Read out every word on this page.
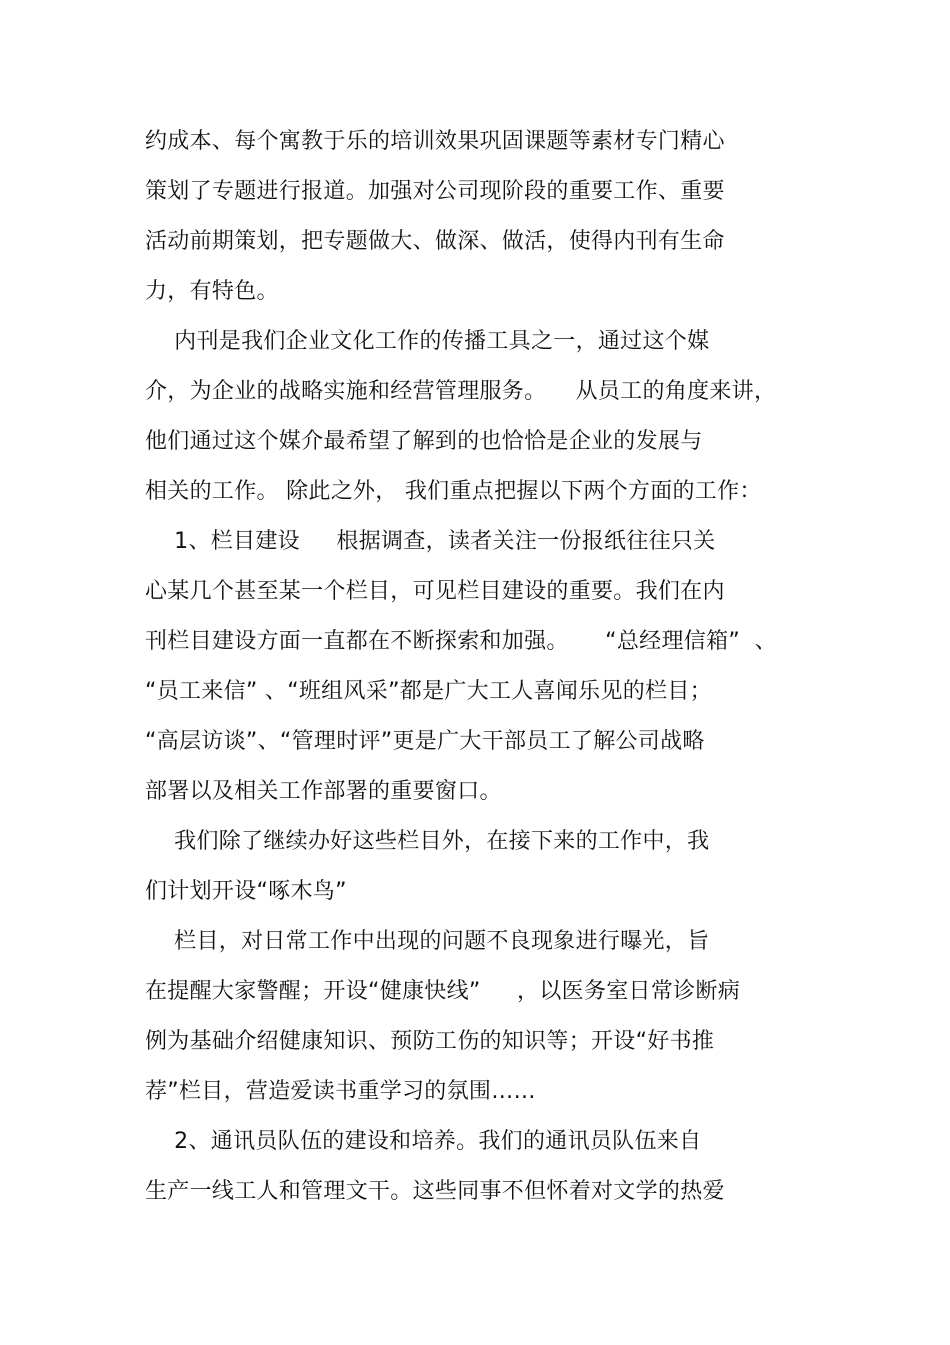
约成本、每个寓教于乐的培训效果巩固课题等素材专门精心
策划了专题进行报道。加强对公司现阶段的重要工作、重要
活动前期策划，把专题做大、做深、做活，使得内刊有生命
力，有特色。
内刊是我们企业文化工作的传播工具之一，通过这个媒
介，为企业的战略实施和经营管理服务。    从员工的角度来讲，
他们通过这个媒介最希望了解到的也恰恰是企业的发展与
相关的工作。 除此之外， 我们重点把握以下两个方面的工作：
1、栏目建设     根据调查，读者关注一份报纸往往只关
心某几个甚至某一个栏目，可见栏目建设的重要。我们在内
刊栏目建设方面一直都在不断探索和加强。     “总经理信箱”  、
“员工来信” 、“班组风采”都是广大工人喜闻乐见的栏目；
“高层访谈”、“管理时评”更是广大干部员工了解公司战略
部署以及相关工作部署的重要窗口。
我们除了继续办好这些栏目外，在接下来的工作中，我
们计划开设“啄木鸟”
栏目，对日常工作中出现的问题不良现象进行曝光，旨
在提醒大家警醒；开设“健康快线”     ，以医务室日常诊断病
例为基础介绍健康知识、预防工伤的知识等；开设“好书推
荐”栏目，营造爱读书重学习的氛围……
2、通讯员队伍的建设和培养。我们的通讯员队伍来自
生产一线工人和管理文干。这些同事不但怀着对文学的热爱
